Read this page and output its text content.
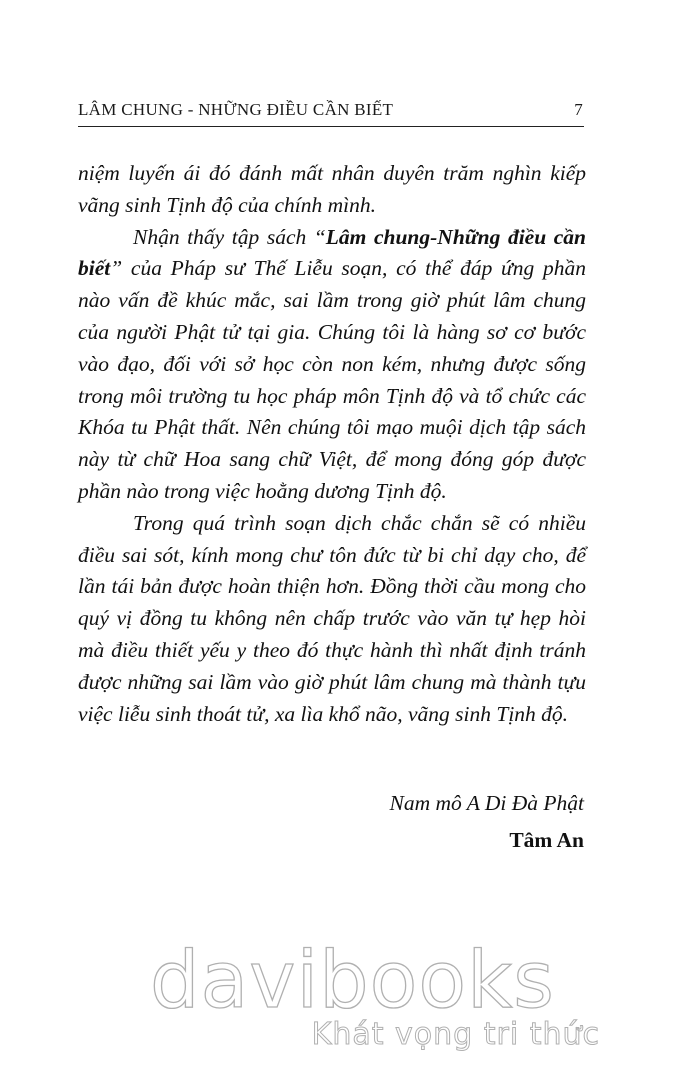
LÂM CHUNG - NHỮNG ĐIỀU CẦN BIẾT	7

niệm luyến ái đó đánh mất nhân duyên trăm nghìn kiếp vãng sinh Tịnh độ của chính mình.

Nhận thấy tập sách “Lâm chung-Những điều cần biết” của Pháp sư Thế Liễu soạn, có thể đáp ứng phần nào vấn đề khúc mắc, sai lầm trong giờ phút lâm chung của người Phật tử tại gia. Chúng tôi là hàng sơ cơ bước vào đạo, đối với sở học còn non kém, nhưng được sống trong môi trường tu học pháp môn Tịnh độ và tổ chức các Khóa tu Phật thất. Nên chúng tôi mạo muội dịch tập sách này từ chữ Hoa sang chữ Việt, để mong đóng góp được phần nào trong việc hoằng dương Tịnh độ.

Trong quá trình soạn dịch chắc chắn sẽ có nhiều điều sai sót, kính mong chư tôn đức từ bi chỉ dạy cho, để lần tái bản được hoàn thiện hơn. Đồng thời cầu mong cho quý vị đồng tu không nên chấp trước vào văn tự hẹp hòi mà điều thiết yếu y theo đó thực hành thì nhất định tránh được những sai lầm vào giờ phút lâm chung mà thành tựu việc liễu sinh thoát tử, xa lìa khổ não, vãng sinh Tịnh độ.

Nam mô A Di Đà Phật
Tâm An
davibooks
Khát vọng tri thức
